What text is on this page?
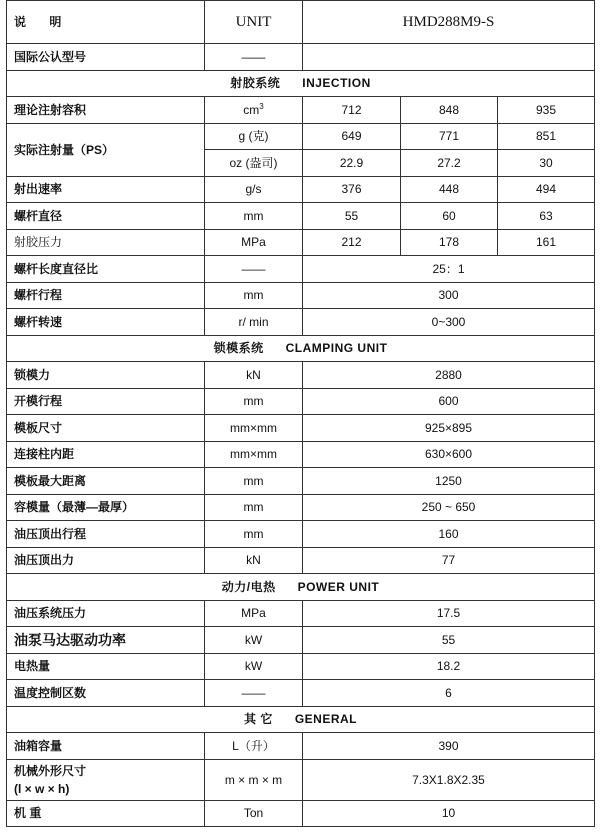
说 明	UNIT	HMD288M9-S		
国际公认型号	——			
射胶系统 INJECTION				
理论注射容积	$cm^3$	712	848	935
实际注射量（PS）	g (克)	649	771	851
	oz (盎司)	22.9	27.2	30
射出速率	g/s	376	448	494
螺杆直径	mm	55	60	63
射胶压力	MPa	212	178	161
螺杆长度直径比	——	25：1		
螺杆行程	mm	300		
螺杆转速	r/ min	0~300		
锁模系统 CLAMPING UNIT				
锁模力	kN	2880		
开模行程	mm	600		
模板尺寸	mm×mm	925×895		
连接柱内距	mm×mm	630×600		
模板最大距离	mm	1250		
容模量（最薄—最厚）	mm	250 ~ 650		
油压顶出行程	mm	160		
油压顶出力	kN	77		
动力/电热 POWER UNIT				
油压系统压力	MPa	17.5		
油泵马达驱动功率	kW	55		
电热量	kW	18.2		
温度控制区数	——	6		
其 它 GENERAL				
油箱容量	L（升）	390		
机械外形尺寸
(l × w × h)	m × m × m	7.3X1.8X2.35		
机 重	Ton	10		
